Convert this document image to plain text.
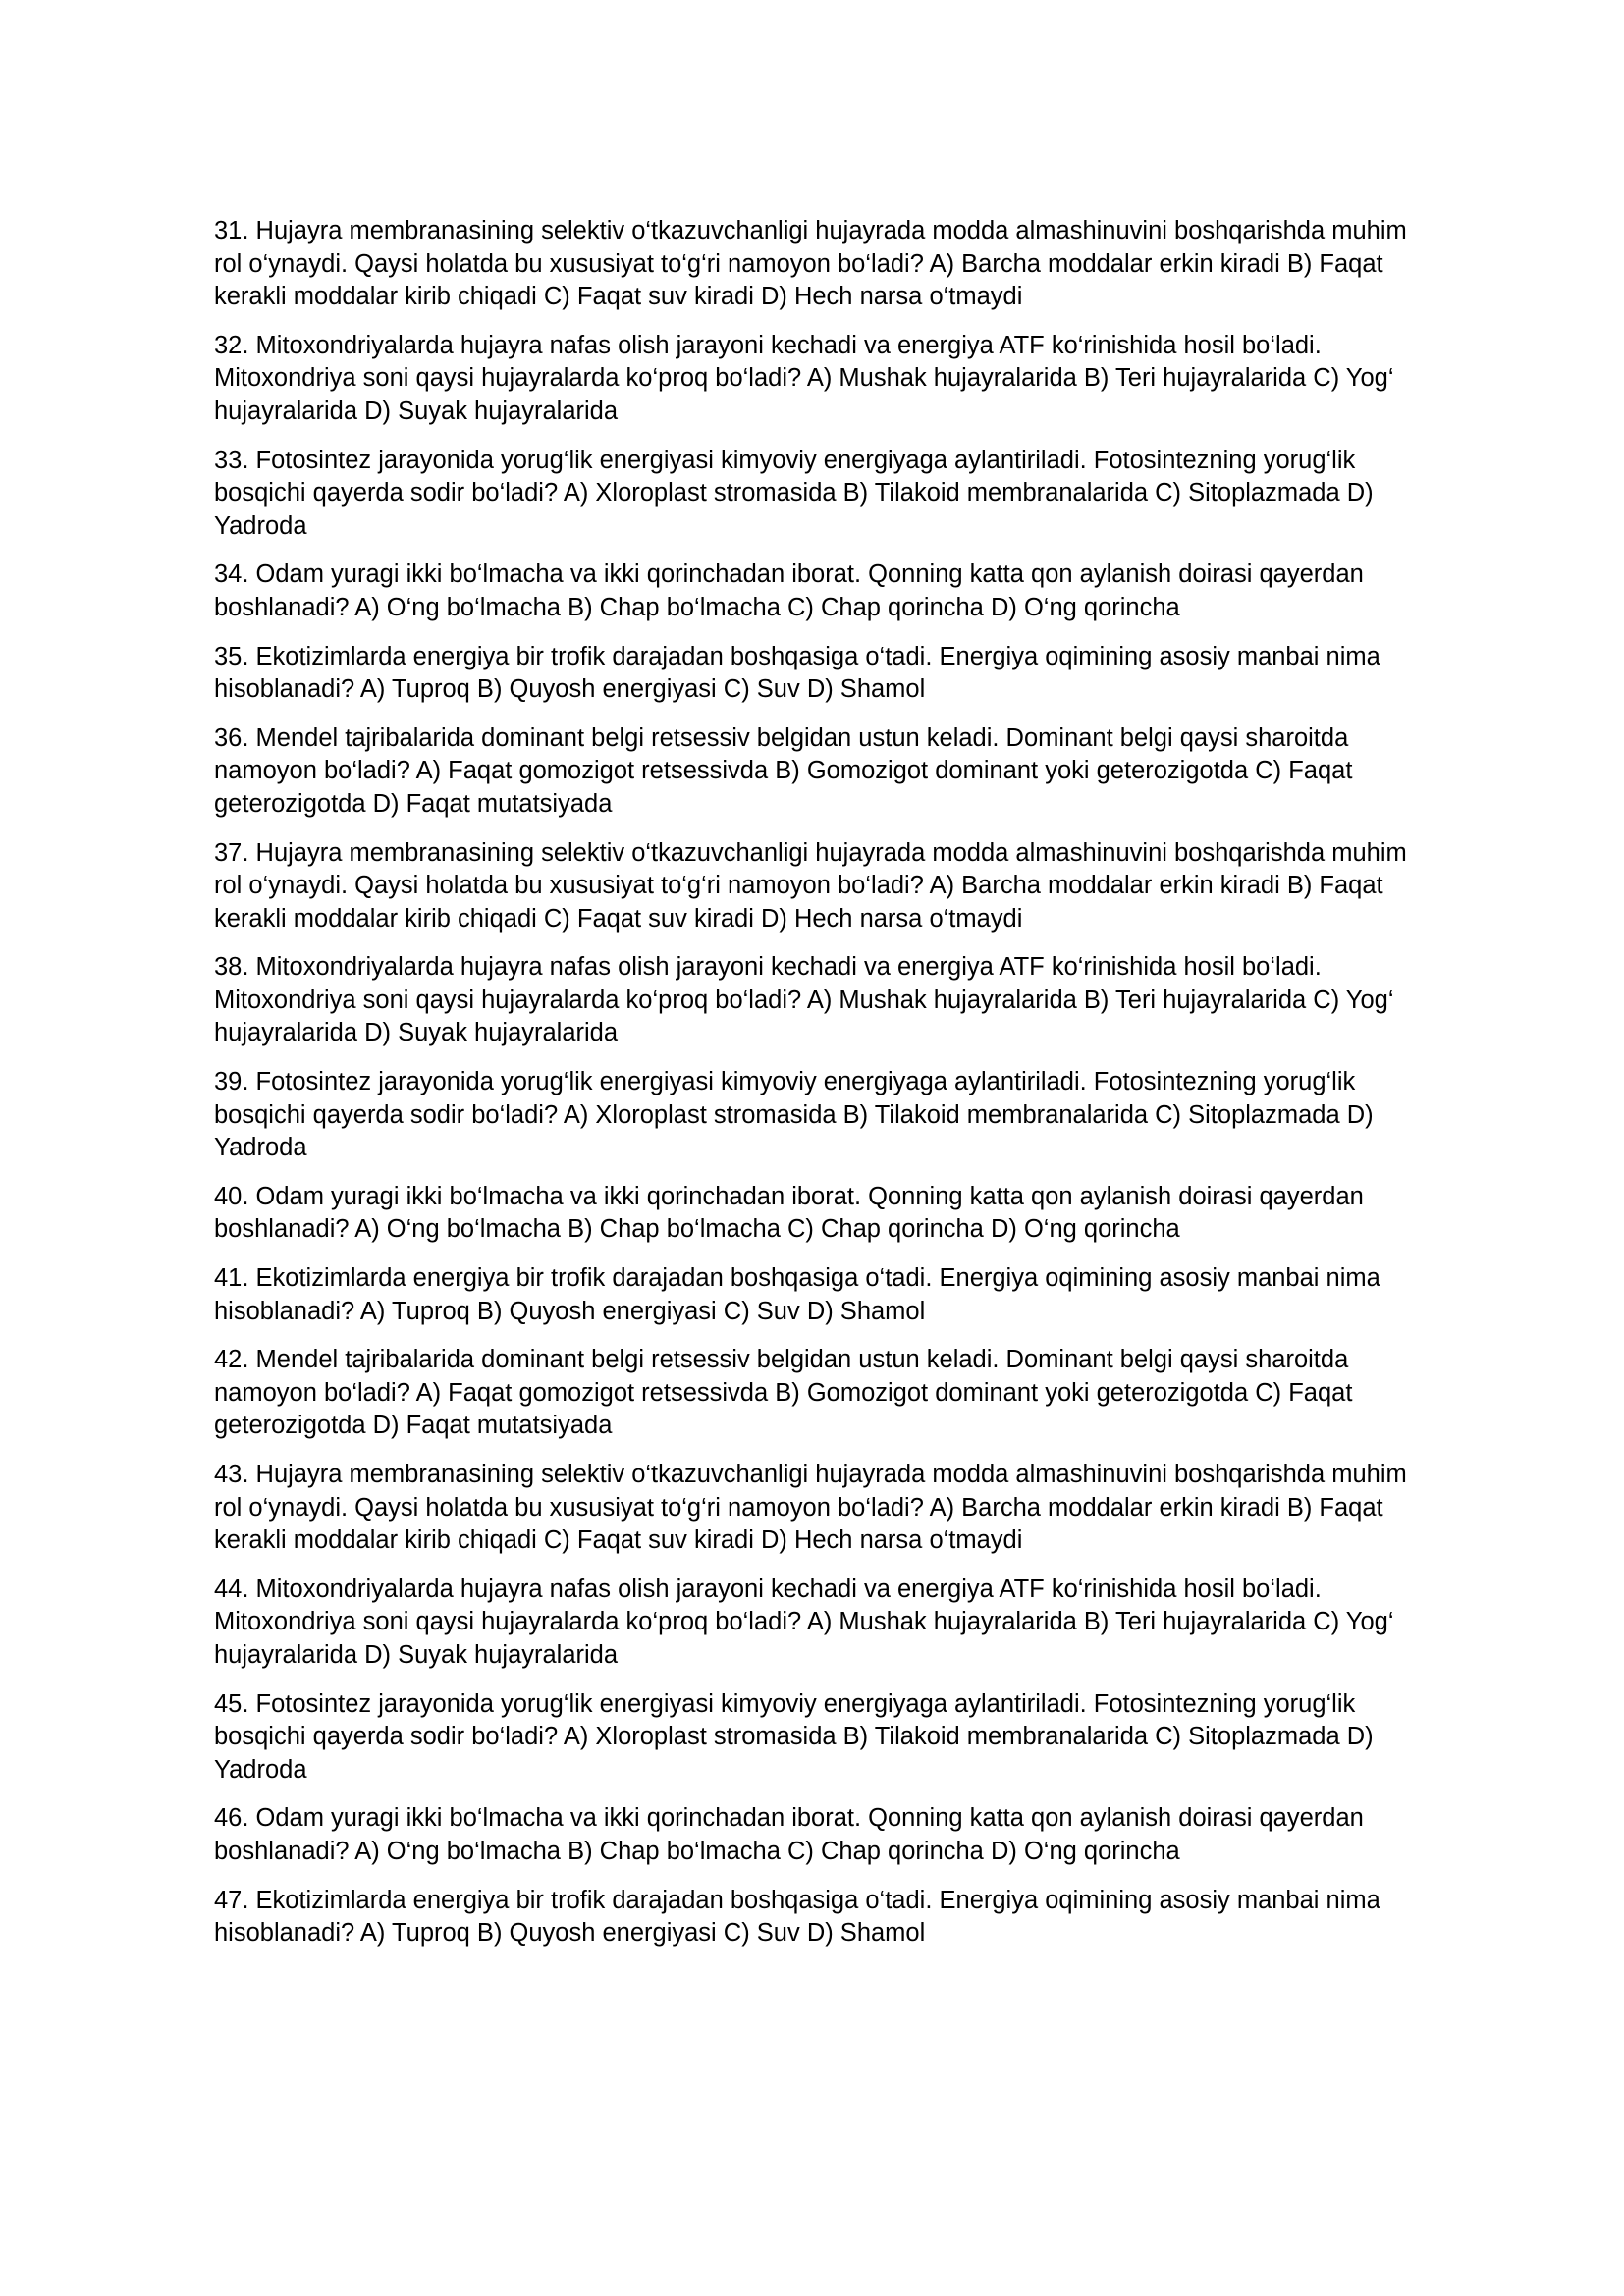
31. Hujayra membranasining selektiv o‘tkazuvchanligi hujayrada modda almashinuvini boshqarishda muhim rol o‘ynaydi. Qaysi holatda bu xususiyat to‘g‘ri namoyon bo‘ladi? A) Barcha moddalar erkin kiradi B) Faqat kerakli moddalar kirib chiqadi C) Faqat suv kiradi D) Hech narsa o‘tmaydi

32. Mitoxondriyalarda hujayra nafas olish jarayoni kechadi va energiya ATF ko‘rinishida hosil bo‘ladi. Mitoxondriya soni qaysi hujayralarda ko‘proq bo‘ladi? A) Mushak hujayralarida B) Teri hujayralarida C) Yog‘ hujayralarida D) Suyak hujayralarida

33. Fotosintez jarayonida yorug‘lik energiyasi kimyoviy energiyaga aylantiriladi. Fotosintezning yorug‘lik bosqichi qayerda sodir bo‘ladi? A) Xloroplast stromasida B) Tilakoid membranalarida C) Sitoplazmada D) Yadroda

34. Odam yuragi ikki bo‘lmacha va ikki qorinchadan iborat. Qonning katta qon aylanish doirasi qayerdan boshlanadi? A) O‘ng bo‘lmacha B) Chap bo‘lmacha C) Chap qorincha D) O‘ng qorincha

35. Ekotizimlarda energiya bir trofik darajadan boshqasiga o‘tadi. Energiya oqimining asosiy manbai nima hisoblanadi? A) Tuproq B) Quyosh energiyasi C) Suv D) Shamol

36. Mendel tajribalarida dominant belgi retsessiv belgidan ustun keladi. Dominant belgi qaysi sharoitda namoyon bo‘ladi? A) Faqat gomozigot retsessivda B) Gomozigot dominant yoki geterozigotda C) Faqat geterozigotda D) Faqat mutatsiyada

37. Hujayra membranasining selektiv o‘tkazuvchanligi hujayrada modda almashinuvini boshqarishda muhim rol o‘ynaydi. Qaysi holatda bu xususiyat to‘g‘ri namoyon bo‘ladi? A) Barcha moddalar erkin kiradi B) Faqat kerakli moddalar kirib chiqadi C) Faqat suv kiradi D) Hech narsa o‘tmaydi

38. Mitoxondriyalarda hujayra nafas olish jarayoni kechadi va energiya ATF ko‘rinishida hosil bo‘ladi. Mitoxondriya soni qaysi hujayralarda ko‘proq bo‘ladi? A) Mushak hujayralarida B) Teri hujayralarida C) Yog‘ hujayralarida D) Suyak hujayralarida

39. Fotosintez jarayonida yorug‘lik energiyasi kimyoviy energiyaga aylantiriladi. Fotosintezning yorug‘lik bosqichi qayerda sodir bo‘ladi? A) Xloroplast stromasida B) Tilakoid membranalarida C) Sitoplazmada D) Yadroda

40. Odam yuragi ikki bo‘lmacha va ikki qorinchadan iborat. Qonning katta qon aylanish doirasi qayerdan boshlanadi? A) O‘ng bo‘lmacha B) Chap bo‘lmacha C) Chap qorincha D) O‘ng qorincha

41. Ekotizimlarda energiya bir trofik darajadan boshqasiga o‘tadi. Energiya oqimining asosiy manbai nima hisoblanadi? A) Tuproq B) Quyosh energiyasi C) Suv D) Shamol

42. Mendel tajribalarida dominant belgi retsessiv belgidan ustun keladi. Dominant belgi qaysi sharoitda namoyon bo‘ladi? A) Faqat gomozigot retsessivda B) Gomozigot dominant yoki geterozigotda C) Faqat geterozigotda D) Faqat mutatsiyada

43. Hujayra membranasining selektiv o‘tkazuvchanligi hujayrada modda almashinuvini boshqarishda muhim rol o‘ynaydi. Qaysi holatda bu xususiyat to‘g‘ri namoyon bo‘ladi? A) Barcha moddalar erkin kiradi B) Faqat kerakli moddalar kirib chiqadi C) Faqat suv kiradi D) Hech narsa o‘tmaydi

44. Mitoxondriyalarda hujayra nafas olish jarayoni kechadi va energiya ATF ko‘rinishida hosil bo‘ladi. Mitoxondriya soni qaysi hujayralarda ko‘proq bo‘ladi? A) Mushak hujayralarida B) Teri hujayralarida C) Yog‘ hujayralarida D) Suyak hujayralarida

45. Fotosintez jarayonida yorug‘lik energiyasi kimyoviy energiyaga aylantiriladi. Fotosintezning yorug‘lik bosqichi qayerda sodir bo‘ladi? A) Xloroplast stromasida B) Tilakoid membranalarida C) Sitoplazmada D) Yadroda

46. Odam yuragi ikki bo‘lmacha va ikki qorinchadan iborat. Qonning katta qon aylanish doirasi qayerdan boshlanadi? A) O‘ng bo‘lmacha B) Chap bo‘lmacha C) Chap qorincha D) O‘ng qorincha

47. Ekotizimlarda energiya bir trofik darajadan boshqasiga o‘tadi. Energiya oqimining asosiy manbai nima hisoblanadi? A) Tuproq B) Quyosh energiyasi C) Suv D) Shamol
